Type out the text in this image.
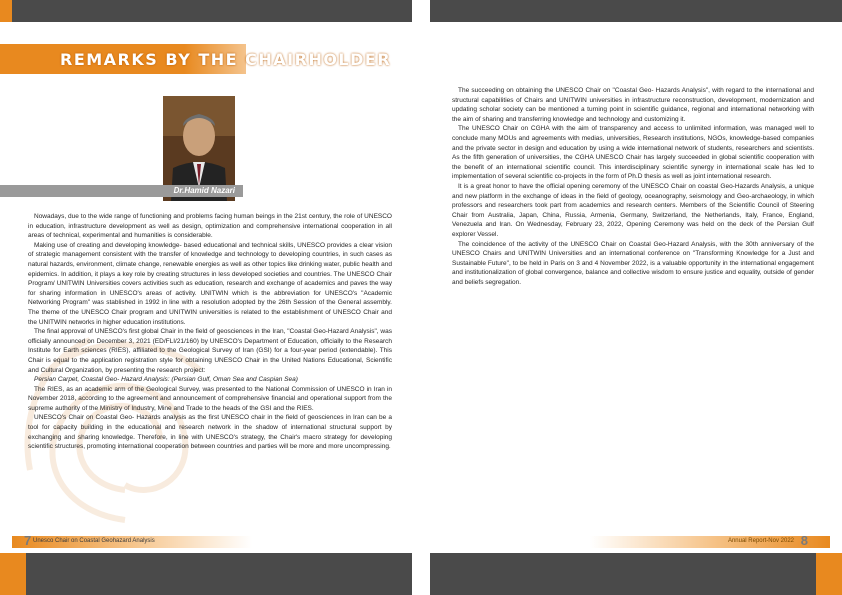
REMARKS BY THE CHAIRHOLDER
Dr.Hamid Nazari

Nowadays, due to the wide range of functioning and problems facing human beings in the 21st century, the role of UNESCO in education, infrastructure development as well as design, optimization and comprehensive international cooperation in all areas of technical, experimental and humanities is considerable.

Making use of creating and developing knowledge- based educational and technical skills, UNESCO provides a clear vision of strategic management consistent with the transfer of knowledge and technology to developing countries, in such cases as natural hazards, environment, climate change, renewable energies as well as other topics like drinking water, public health and epidemics. In addition, it plays a key role by creating structures in less developed societies and countries. The UNESCO Chair Program/ UNITWIN Universities covers activities such as education, research and exchange of academics and paves the way for sharing information in UNESCO's areas of activity. UNITWIN which is the abbreviation for UNESCO's "Academic Networking Program" was stablished in 1992 in line with a resolution adopted by the 26th Session of the General assembly. The theme of the UNESCO Chair program and UNITWIN universities is related to the establishment of UNESCO Chair and the UNITWIN networks in higher education institutions.

The final approval of UNESCO's first global Chair in the field of geosciences in the Iran, "Coastal Geo-Hazard Analysis", was officially announced on December 3, 2021 (ED/FLI/21/160) by UNESCO's Department of Education, officially to the Research Institute for Earth sciences (RIES), affiliated to the Geological Survey of Iran (GSI) for a four-year period (extendable). This Chair is equal to the application registration style for obtaining UNESCO Chair in the United Nations Educational, Scientific and Cultural Organization, by presenting the research project:

Persian Carpet, Coastal Geo- Hazard Analysis: (Persian Gulf, Oman Sea and Caspian Sea)

The RIES, as an academic arm of the Geological Survey, was presented to the National Commission of UNESCO in Iran in November 2018, according to the agreement and announcement of comprehensive financial and operational support from the supreme authority of the Ministry of Industry, Mine and Trade to the heads of the GSI and the RIES.

UNESCO's Chair on Coastal Geo- Hazards analysis as the first UNESCO chair in the field of geosciences in Iran can be a tool for capacity building in the educational and research network in the shadow of international structural support by exchanging and sharing knowledge. Therefore, in line with UNESCO's strategy, the Chair's macro strategy for developing scientific structures, promoting international cooperation between countries and parties will be more and more uncompressing.

The succeeding on obtaining the UNESCO Chair on "Coastal Geo- Hazards Analysis", with regard to the international and structural capabilities of Chairs and UNITWIN universities in infrastructure reconstruction, development, modernization and updating scholar society can be mentioned a turning point in scientific guidance, regional and international networking with the aim of sharing and transferring knowledge and technology and customizing it.

The UNESCO Chair on CGHA with the aim of transparency and access to unlimited information, was managed well to conclude many MOUs and agreements with medias, universities, Research institutions, NGOs, knowledge-based companies and the private sector in design and education by using a wide international network of students, researchers and scientists. As the fifth generation of universities, the CGHA UNESCO Chair has largely succeeded in global scientific cooperation with the benefit of an international scientific council. This interdisciplinary scientific synergy in international scale has led to implementation of several scientific co-projects in the form of Ph.D thesis as well as joint international research.

It is a great honor to have the official opening ceremony of the UNESCO Chair on coastal Geo-Hazards Analysis, a unique and new platform in the exchange of ideas in the field of geology, oceanography, seismology and Geo-archaeology, in which professors and researchers took part from academics and research centers. Members of the Scientific Council of Steering Chair from Australia, Japan, China, Russia, Armenia, Germany, Switzerland, the Netherlands, Italy, France, England, Venezuela and Iran. On Wednesday, February 23, 2022, Opening Ceremony was held on the deck of the Persian Gulf explorer Vessel.

The coincidence of the activity of the UNESCO Chair on Coastal Geo-Hazard Analysis, with the 30th anniversary of the UNESCO Chairs and UNITWIN Universities and an international conference on "Transforming Knowledge for a Just and Sustainable Future", to be held in Paris on 3 and 4 November 2022, is a valuable opportunity in the international engagement and institutionalization of global convergence, balance and collective wisdom to ensure justice and equality, outside of gender and beliefs segregation.

7 Unesco Chair on Coastal Geohazard Analysis	Annual Report-Nov 2022 8
